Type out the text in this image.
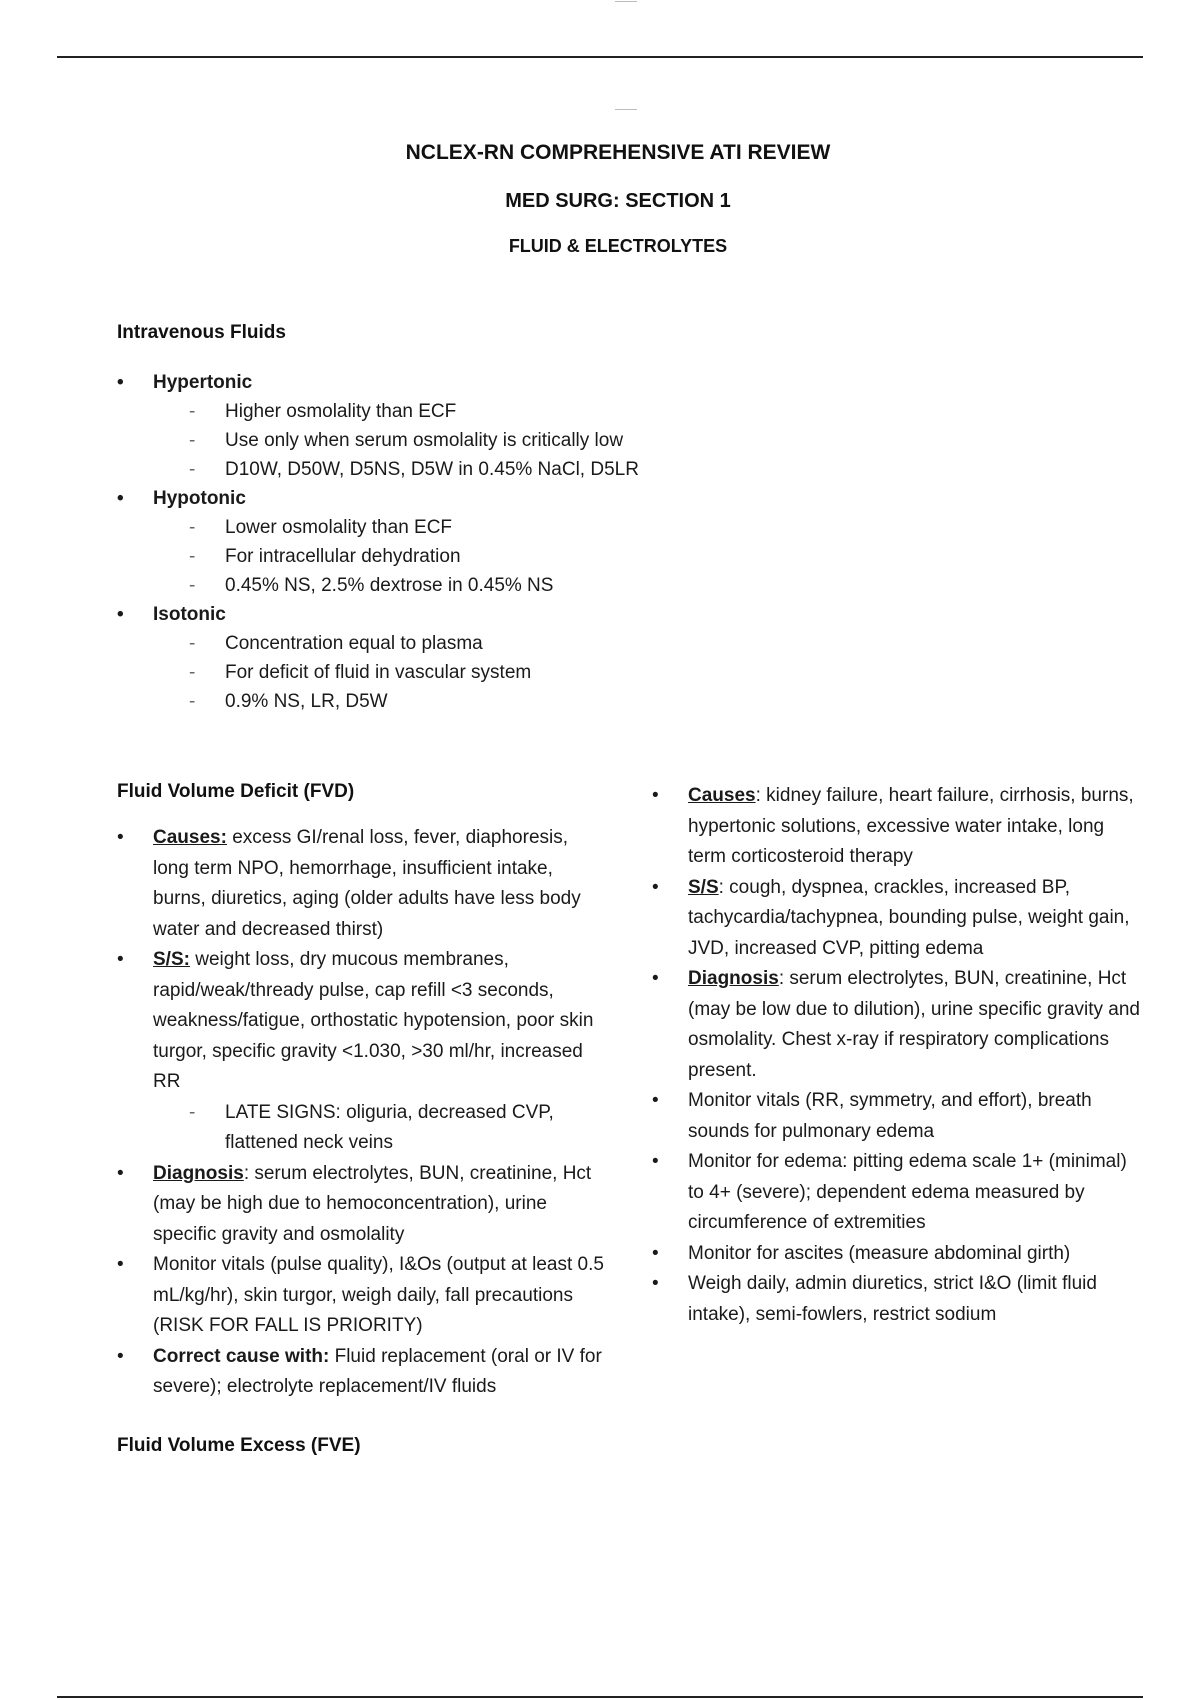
NCLEX-RN COMPREHENSIVE ATI REVIEW
MED SURG: SECTION 1
FLUID & ELECTROLYTES
Intravenous Fluids
• Hypertonic
- Higher osmolality than ECF
- Use only when serum osmolality is critically low
- D10W, D50W, D5NS, D5W in 0.45% NaCl, D5LR
• Hypotonic
- Lower osmolality than ECF
- For intracellular dehydration
- 0.45% NS, 2.5% dextrose in 0.45% NS
• Isotonic
- Concentration equal to plasma
- For deficit of fluid in vascular system
- 0.9% NS, LR, D5W
Fluid Volume Deficit (FVD)
• Causes: excess GI/renal loss, fever, diaphoresis, long term NPO, hemorrhage, insufficient intake, burns, diuretics, aging (older adults have less body water and decreased thirst)
• S/S: weight loss, dry mucous membranes, rapid/weak/thready pulse, cap refill <3 seconds, weakness/fatigue, orthostatic hypotension, poor skin turgor, specific gravity <1.030, >30 ml/hr, increased RR
- LATE SIGNS: oliguria, decreased CVP, flattened neck veins
• Diagnosis: serum electrolytes, BUN, creatinine, Hct (may be high due to hemoconcentration), urine specific gravity and osmolality
• Monitor vitals (pulse quality), I&Os (output at least 0.5 mL/kg/hr), skin turgor, weigh daily, fall precautions (RISK FOR FALL IS PRIORITY)
• Correct cause with: Fluid replacement (oral or IV for severe); electrolyte replacement/IV fluids
Fluid Volume Excess (FVE)
• Causes: kidney failure, heart failure, cirrhosis, burns, hypertonic solutions, excessive water intake, long term corticosteroid therapy
• S/S: cough, dyspnea, crackles, increased BP, tachycardia/tachypnea, bounding pulse, weight gain, JVD, increased CVP, pitting edema
• Diagnosis: serum electrolytes, BUN, creatinine, Hct (may be low due to dilution), urine specific gravity and osmolality. Chest x-ray if respiratory complications present.
• Monitor vitals (RR, symmetry, and effort), breath sounds for pulmonary edema
• Monitor for edema: pitting edema scale 1+ (minimal) to 4+ (severe); dependent edema measured by circumference of extremities
• Monitor for ascites (measure abdominal girth)
• Weigh daily, admin diuretics, strict I&O (limit fluid intake), semi-fowlers, restrict sodium
